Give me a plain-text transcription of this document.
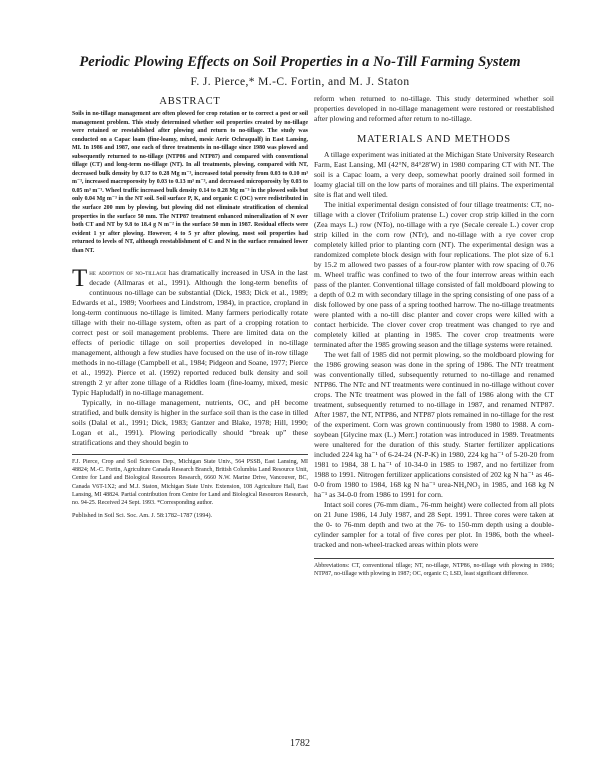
Periodic Plowing Effects on Soil Properties in a No-Till Farming System
F. J. Pierce,* M.-C. Fortin, and M. J. Staton
ABSTRACT

Soils in no-tillage management are often plowed for crop rotation or to correct a pest or soil management problem. This study determined whether soil properties created by no-tillage were retained or reestablished after plowing and return to no-tillage. The study was conducted on a Capac loam (fine-loamy, mixed, mesic Aeric Ochraqualf) in East Lansing, MI. In 1986 and 1987, one each of three treatments in no-tillage since 1980 was plowed and subsequently returned to no-tillage (NTP86 and NTP87) and compared with conventional tillage (CT) and long-term no-tillage (NT). In all treatments, plowing, compared with NT, decreased bulk density by 0.17 to 0.28 Mg m⁻³, increased total porosity from 0.03 to 0.10 m³ m⁻³, increased macroporosity by 0.03 to 0.13 m³ m⁻³, and decreased microporosity by 0.03 to 0.05 m³ m⁻³. Wheel traffic increased bulk density 0.14 to 0.28 Mg m⁻³ in the plowed soils but only 0.04 Mg m⁻³ in the NT soil. Soil surface P, K, and organic C (OC) were redistributed in the surface 200 mm by plowing, but plowing did not eliminate stratification of chemical properties in the surface 50 mm. The NTP87 treatment enhanced mineralization of N over both CT and NT by 9.8 to 18.4 g N m⁻² in the surface 50 mm in 1987. Residual effects were evident 1 yr after plowing. However, 4 to 5 yr after plowing, most soil properties had returned to levels of NT, although reestablishment of C and N in the surface remained lower than NT.

The adoption of no-tillage has dramatically increased in USA in the last decade (Allmaras et al., 1991). Although the long-term benefits of continuous no-tillage can be substantial (Dick, 1983; Dick et al., 1989; Edwards et al., 1989; Voorhees and Lindstrom, 1984), in practice, cropland in long-term continuous no-tillage is limited. Many farmers periodically rotate tillage with their no-tillage system, often as part of a cropping rotation to correct pest or soil management problems. There are limited data on the effects of periodic tillage on soil properties developed in no-tillage management, although a few studies have focused on the use of in-row tillage methods in no-tillage (Campbell et al., 1984; Pidgeon and Soane, 1977; Pierce et al., 1992). Pierce et al. (1992) reported reduced bulk density and soil strength 2 yr after zone tillage of a Riddles loam (fine-loamy, mixed, mesic Typic Hapludalf) in no-tillage management.

Typically, in no-tillage management, nutrients, OC, and pH become stratified, and bulk density is higher in the surface soil than is the case in tilled soils (Dalal et al., 1991; Dick, 1983; Gantzer and Blake, 1978; Hill, 1990; Logan et al., 1991). Plowing periodically should “break up” these stratifications and they should begin to

F.J. Pierce, Crop and Soil Sciences Dep., Michigan State Univ., 564 PSSB, East Lansing, MI 48824; M.-C. Fortin, Agriculture Canada Research Branch, British Columbia Land Resource Unit, Centre for Land and Biological Resources Research, 6660 N.W. Marine Drive, Vancouver, BC, Canada V6T-1X2; and M.J. Staton, Michigan State Univ. Extension, 108 Agriculture Hall, East Lansing, MI 48824. Partial contribution from Centre for Land and Biological Resources Research, no. 94-25. Received 24 Sept. 1993. *Corresponding author.

Published in Soil Sci. Soc. Am. J. 58:1782–1787 (1994).

reform when returned to no-tillage. This study determined whether soil properties developed in no-tillage management were restored or reestablished after plowing and reformed after return to no-tillage.

MATERIALS AND METHODS

A tillage experiment was initiated at the Michigan State University Research Farm, East Lansing, MI (42°N, 84°28′W) in 1980 comparing CT with NT. The soil is a Capac loam, a very deep, somewhat poorly drained soil formed in loamy glacial till on the low parts of moraines and till plains. The experimental site is flat and well tiled.

The initial experimental design consisted of four tillage treatments: CT, no-tillage with a clover (Trifolium pratense L.) cover crop strip killed in the corn (Zea mays L.) row (NTo), no-tillage with a rye (Secale cereale L.) cover crop strip killed in the corn row (NTr), and no-tillage with a rye cover crop completely killed prior to planting corn (NT). The experimental design was a randomized complete block design with four replications. The plot size of 6.1 by 15.2 m allowed two passes of a four-row planter with row spacing of 0.76 m. Wheel traffic was confined to two of the four interrow areas within each pass of the planter. Conventional tillage consisted of fall moldboard plowing to a depth of 0.2 m with secondary tillage in the spring consisting of one pass of a disk followed by one pass of a spring toothed harrow. The no-tillage treatments were planted with a no-till disc planter and cover crops were killed with a contact herbicide. The clover cover crop treatment was changed to rye and completely killed at planting in 1985. The cover crop treatments were terminated after the 1985 growing season and the tillage systems were retained.

The wet fall of 1985 did not permit plowing, so the moldboard plowing for the 1986 growing season was done in the spring of 1986. The NTr treatment was conventionally tilled, subsequently returned to no-tillage and renamed NTP86. The NTc and NT treatments were continued in no-tillage without cover crops. The NTc treatment was plowed in the fall of 1986 along with the CT treatment, subsequently returned to no-tillage in 1987, and renamed NTP87. After 1987, the NT, NTP86, and NTP87 plots remained in no-tillage for the rest of the experiment. Corn was grown continuously from 1980 to 1988. A corn-soybean [Glycine max (L.) Merr.] rotation was introduced in 1989. Treatments were unaltered for the duration of this study. Starter fertilizer applications included 224 kg ha⁻¹ of 6-24-24 (N-P-K) in 1980, 224 kg ha⁻¹ of 5-20-20 from 1981 to 1984, 38 L ha⁻¹ of 10-34-0 in 1985 to 1987, and no fertilizer from 1988 to 1991. Nitrogen fertilizer applications consisted of 202 kg N ha⁻¹ as 46-0-0 from 1980 to 1984, 168 kg N ha⁻¹ urea-NH₄NO₃ in 1985, and 168 kg N ha⁻¹ as 34-0-0 from 1986 to 1991 for corn.

Intact soil cores (76-mm diam., 76-mm height) were collected from all plots on 21 June 1986, 14 July 1987, and 28 Sept. 1991. Three cores were taken at the 0- to 76-mm depth and two at the 76- to 150-mm depth using a double-cylinder sampler for a total of five cores per plot. In 1986, both the wheel-tracked and non-wheel-tracked areas within plots were

Abbreviations: CT, conventional tillage; NT, no-tillage, NTP86, no-tillage with plowing in 1986; NTP87, no-tillage with plowing in 1987; OC, organic C; LSD, least significant difference.

1782
